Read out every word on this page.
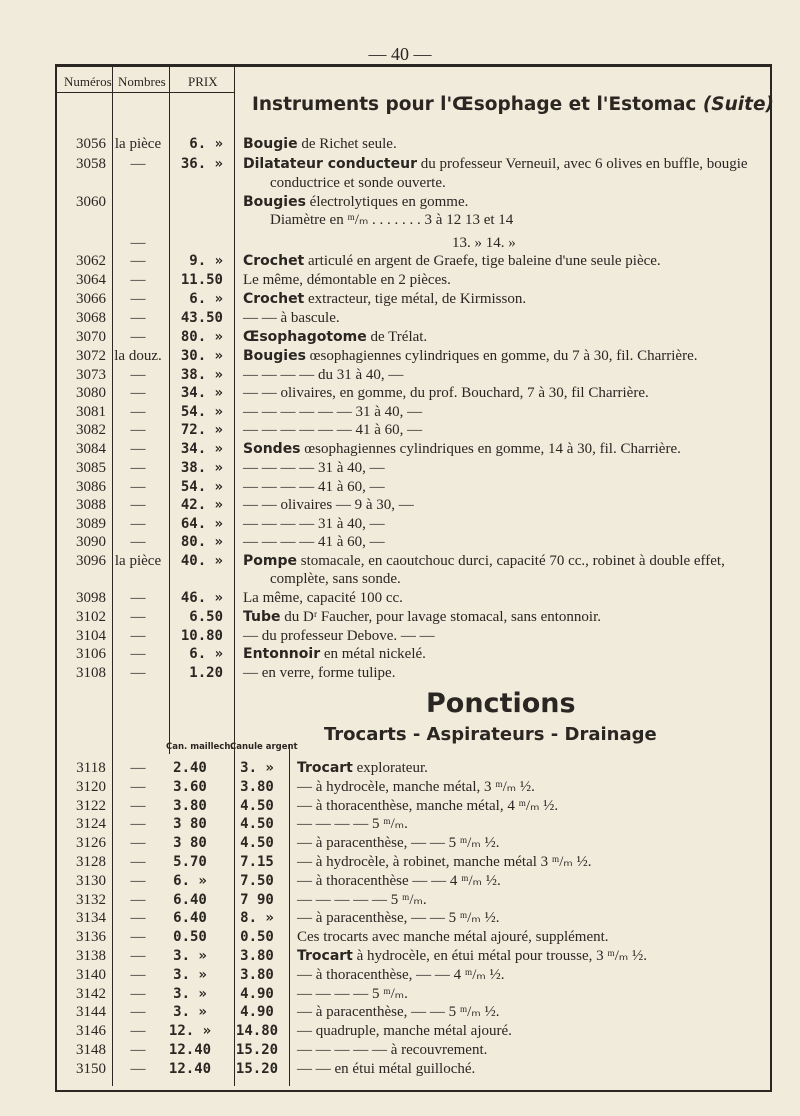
— 40 —
Numéros Nombres PRIX
Instruments pour l'Œsophage et l'Estomac (Suite)
3056 la pièce	6. » Bougie de Richet seule.
3058	—	36. » Dilatateur conducteur du professeur Verneuil, avec 6 olives en buffle, bougie
conductrice et sonde ouverte.
3060	Bougies électrolytiques en gomme.
Diamètre en ᵐ/ₘ . . . . . . . 3 à 12 13 et 14
—	13. » 14. »
3062	—	9. » Crochet articulé en argent de Graefe, tige baleine d'une seule pièce.
3064	—	11.50 Le même, démontable en 2 pièces.
3066	—	6. » Crochet extracteur, tige métal, de Kirmisson.
3068	—	43.50 — — à bascule.
3070	—	80. » Œsophagotome de Trélat.
3072 la douz.	30. » Bougies œsophagiennes cylindriques en gomme, du 7 à 30, fil. Charrière.
3073	—	38. » — — — — du 31 à 40, —
3080	—	34. » — — olivaires, en gomme, du prof. Bouchard, 7 à 30, fil Charrière.
3081	—	54. » — — — — — — 31 à 40, —
3082	—	72. » — — — — — — 41 à 60, —
3084	—	34. » Sondes œsophagiennes cylindriques en gomme, 14 à 30, fil. Charrière.
3085	—	38. » — — — — 31 à 40, —
3086	—	54. » — — — — 41 à 60, —
3088	—	42. » — — olivaires — 9 à 30, —
3089	—	64. » — — — — 31 à 40, —
3090	—	80. » — — — — 41 à 60, —
3096 la pièce	40. » Pompe stomacale, en caoutchouc durci, capacité 70 cc., robinet à double effet,
complète, sans sonde.
3098	—	46. » La même, capacité 100 cc.
3102	—	6.50 Tube du Dʳ Faucher, pour lavage stomacal, sans entonnoir.
3104	—	10.80 — du professeur Debove. — —
3106	—	6. » Entonnoir en métal nickelé.
3108	—	1.20 — en verre, forme tulipe.
Ponctions
Trocarts - Aspirateurs - Drainage
Can. maillech.
Canule argent
3118	—	2.40	3. »	Trocart explorateur.
3120	—	3.60	3.80	— à hydrocèle, manche métal, 3 ᵐ/ₘ ½.
3122	—	3.80	4.50	— à thoracenthèse, manche métal, 4 ᵐ/ₘ ½.
3124	—	3 80	4.50	— — — — 5 ᵐ/ₘ.
3126	—	3 80	4.50	— à paracenthèse, — — 5 ᵐ/ₘ ½.
3128	—	5.70	7.15	— à hydrocèle, à robinet, manche métal 3 ᵐ/ₘ ½.
3130	—	6. »	7.50	— à thoracenthèse — — 4 ᵐ/ₘ ½.
3132	—	6.40	7 90	— — — — — 5 ᵐ/ₘ.
3134	—	6.40	8. »	— à paracenthèse, — — 5 ᵐ/ₘ ½.
3136	—	0.50	0.50	Ces trocarts avec manche métal ajouré, supplément.
3138	—	3. »	3.80	Trocart à hydrocèle, en étui métal pour trousse, 3 ᵐ/ₘ ½.
3140	—	3. »	3.80	— à thoracenthèse, — — 4 ᵐ/ₘ ½.
3142	—	3. »	4.90	— — — — 5 ᵐ/ₘ.
3144	—	3. »	4.90	— à paracenthèse, — — 5 ᵐ/ₘ ½.
3146	—	12. »	14.80	— quadruple, manche métal ajouré.
3148	—	12.40	15.20	— — — — — à recouvrement.
3150	—	12.40	15.20	— — en étui métal guilloché.
